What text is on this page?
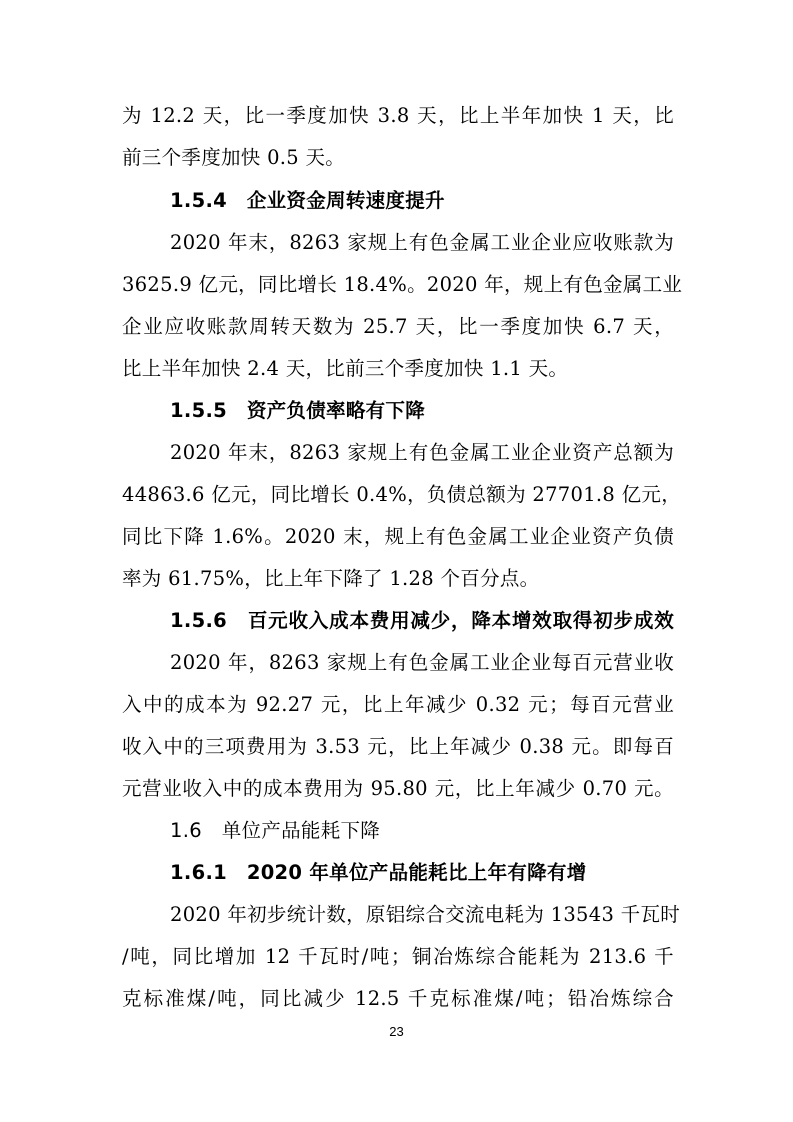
为 12.2 天，比一季度加快 3.8 天，比上半年加快 1 天，比
前三个季度加快 0.5 天。
1.5.4　企业资金周转速度提升
2020 年末，8263 家规上有色金属工业企业应收账款为
3625.9 亿元，同比增长 18.4%。2020 年，规上有色金属工业
企业应收账款周转天数为 25.7 天，比一季度加快 6.7 天，
比上半年加快 2.4 天，比前三个季度加快 1.1 天。
1.5.5　资产负债率略有下降
2020 年末，8263 家规上有色金属工业企业资产总额为
44863.6 亿元，同比增长 0.4%，负债总额为 27701.8 亿元，
同比下降 1.6%。2020 末，规上有色金属工业企业资产负债
率为 61.75%，比上年下降了 1.28 个百分点。
1.5.6　百元收入成本费用减少，降本增效取得初步成效
2020 年，8263 家规上有色金属工业企业每百元营业收
入中的成本为 92.27 元，比上年减少 0.32 元；每百元营业
收入中的三项费用为 3.53 元，比上年减少 0.38 元。即每百
元营业收入中的成本费用为 95.80 元，比上年减少 0.70 元。
1.6　单位产品能耗下降
1.6.1　2020 年单位产品能耗比上年有降有增
2020 年初步统计数，原铝综合交流电耗为 13543 千瓦时
/吨，同比增加 12 千瓦时/吨；铜冶炼综合能耗为 213.6 千
克标准煤/吨，同比减少 12.5 千克标准煤/吨；铅冶炼综合
23
